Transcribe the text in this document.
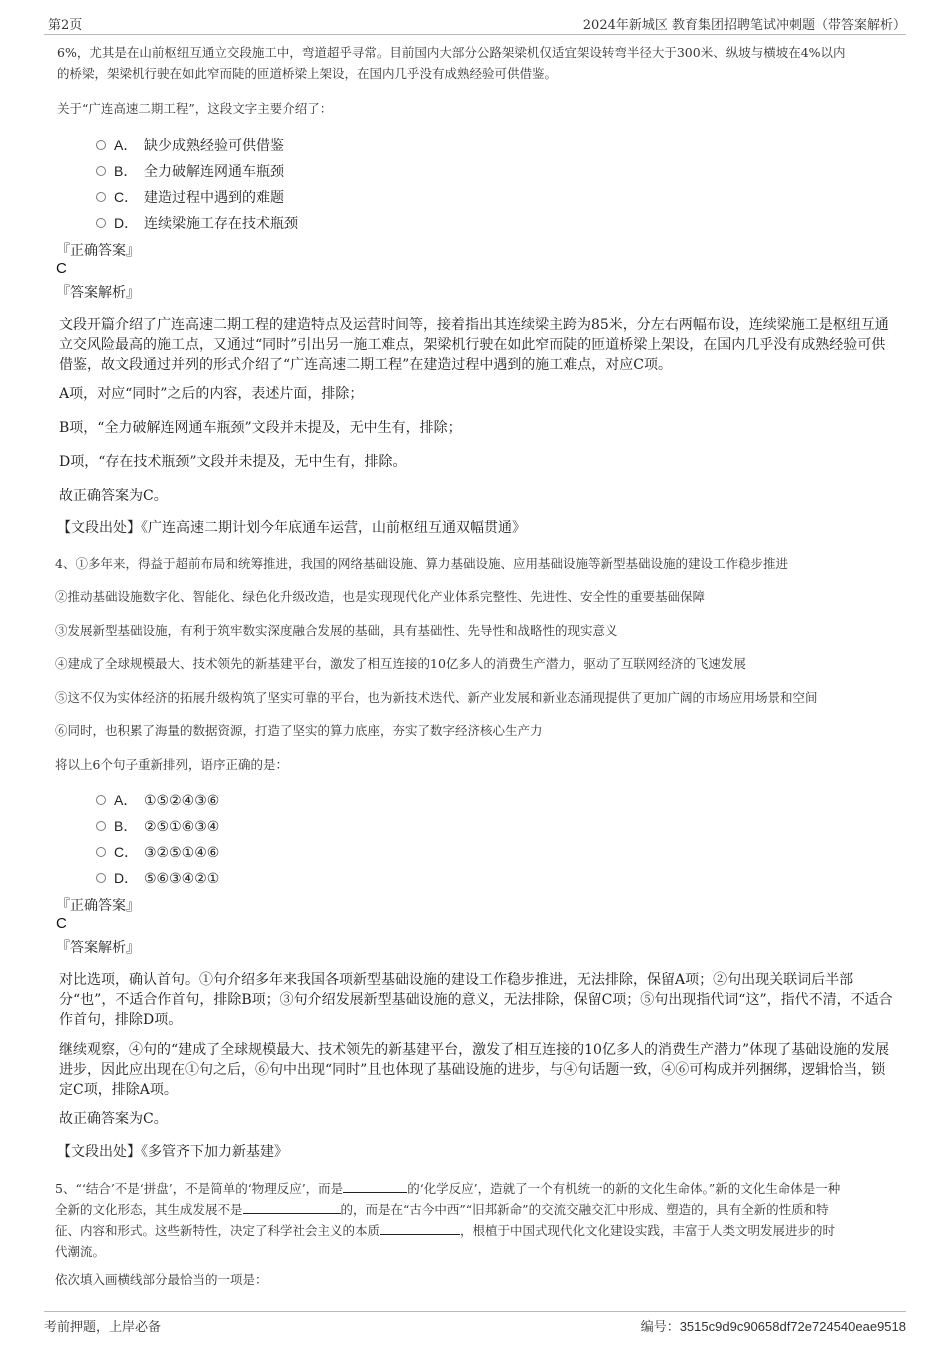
第2页	2024年新城区 教育集团招聘笔试冲刺题（带答案解析）
6%，尤其是在山前枢纽互通立交段施工中，弯道超乎寻常。目前国内大部分公路架梁机仅适宜架设转弯半径大于300米、纵坡与横坡在4%以内
的桥梁，架梁机行驶在如此窄而陡的匝道桥梁上架设，在国内几乎没有成熟经验可供借鉴。
关于“广连高速二期工程”，这段文字主要介绍了：
A． 缺少成熟经验可供借鉴
B． 全力破解连网通车瓶颈
C． 建造过程中遇到的难题
D． 连续梁施工存在技术瓶颈
『正确答案』
C
『答案解析』
文段开篇介绍了广连高速二期工程的建造特点及运营时间等，接着指出其连续梁主跨为85米，分左右两幅布设，连续梁施工是枢纽互通立交风险最高的施工点，又通过“同时”引出另一施工难点，架梁机行驶在如此窄而陡的匝道桥梁上架设，在国内几乎没有成熟经验可供借鉴，故文段通过并列的形式介绍了“广连高速二期工程”在建造过程中遇到的施工难点，对应C项。
A项，对应“同时”之后的内容，表述片面，排除；
B项，“全力破解连网通车瓶颈”文段并未提及，无中生有，排除；
D项，“存在技术瓶颈”文段并未提及，无中生有，排除。
故正确答案为C。
【文段出处】《广连高速二期计划今年底通车运营，山前枢纽互通双幅贯通》
4、①多年来，得益于超前布局和统筹推进，我国的网络基础设施、算力基础设施、应用基础设施等新型基础设施的建设工作稳步推进
②推动基础设施数字化、智能化、绿色化升级改造，也是实现现代化产业体系完整性、先进性、安全性的重要基础保障
③发展新型基础设施，有利于筑牢数实深度融合发展的基础，具有基础性、先导性和战略性的现实意义
④建成了全球规模最大、技术领先的新基建平台，激发了相互连接的10亿多人的消费生产潜力，驱动了互联网经济的飞速发展
⑤这不仅为实体经济的拓展升级构筑了坚实可靠的平台，也为新技术迭代、新产业发展和新业态涌现提供了更加广阔的市场应用场景和空间
⑥同时，也积累了海量的数据资源，打造了坚实的算力底座，夯实了数字经济核心生产力
将以上6个句子重新排列，语序正确的是：
A． ①⑤②④③⑥
B． ②⑤①⑥③④
C． ③②⑤①④⑥
D． ⑤⑥③④②①
『正确答案』
C
『答案解析』
对比选项，确认首句。①句介绍多年来我国各项新型基础设施的建设工作稳步推进，无法排除，保留A项；②句出现关联词后半部分“也”，不适合作首句，排除B项；③句介绍发展新型基础设施的意义，无法排除，保留C项；⑤句出现指代词“这”，指代不清，不适合作首句，排除D项。
继续观察，④句的“建成了全球规模最大、技术领先的新基建平台，激发了相互连接的10亿多人的消费生产潜力”体现了基础设施的发展进步，因此应出现在①句之后，⑥句中出现“同时”且也体现了基础设施的进步，与④句话题一致，④⑥可构成并列捆绑，逻辑恰当，锁定C项，排除A项。
故正确答案为C。
【文段出处】《多管齐下加力新基建》
5、“‘结合’不是‘拼盘’，不是简单的‘物理反应’，而是	的‘化学反应’，造就了一个有机统一的新的文化生命体。”新的文化生命体是一种
全新的文化形态，其生成发展不是	的，而是在“古今中西”“旧邦新命”的交流交融交汇中形成、塑造的，具有全新的性质和特
征、内容和形式。这些新特性，决定了科学社会主义的本质	，根植于中国式现代化文化建设实践，丰富于人类文明发展进步的时
代潮流。
依次填入画横线部分最恰当的一项是：
考前押题，上岸必备	编号：3515c9d9c90658df72e724540eae9518
